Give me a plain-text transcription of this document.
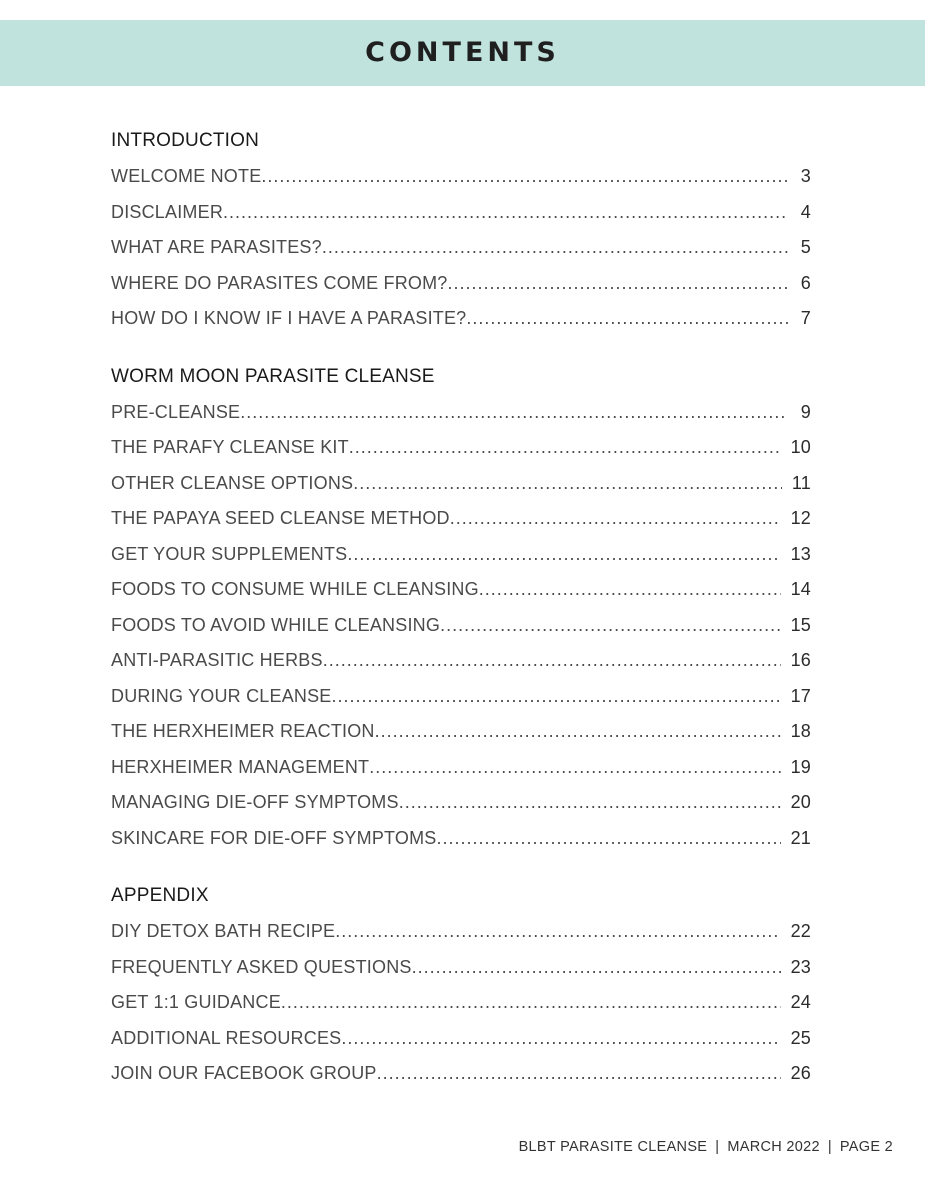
CONTENTS
INTRODUCTION
WELCOME NOTE .....	3
DISCLAIMER .....	4
WHAT ARE PARASITES? .....	5
WHERE DO PARASITES COME FROM? .....	6
HOW DO I KNOW IF I HAVE A PARASITE? .....	7
WORM MOON PARASITE CLEANSE
PRE-CLEANSE .....	9
THE PARAFY CLEANSE KIT .....	10
OTHER CLEANSE OPTIONS .....	11
THE PAPAYA SEED CLEANSE METHOD .....	12
GET YOUR SUPPLEMENTS .....	13
FOODS TO CONSUME WHILE CLEANSING .....	14
FOODS TO AVOID WHILE CLEANSING .....	15
ANTI-PARASITIC HERBS .....	16
DURING YOUR CLEANSE .....	17
THE HERXHEIMER REACTION .....	18
HERXHEIMER MANAGEMENT .....	19
MANAGING DIE-OFF SYMPTOMS .....	20
SKINCARE FOR DIE-OFF SYMPTOMS .....	21
APPENDIX
DIY DETOX BATH RECIPE .....	22
FREQUENTLY ASKED QUESTIONS .....	23
GET 1:1 GUIDANCE .....	24
ADDITIONAL RESOURCES .....	25
JOIN OUR FACEBOOK GROUP .....	26
BLBT PARASITE CLEANSE | MARCH 2022 | PAGE 2
